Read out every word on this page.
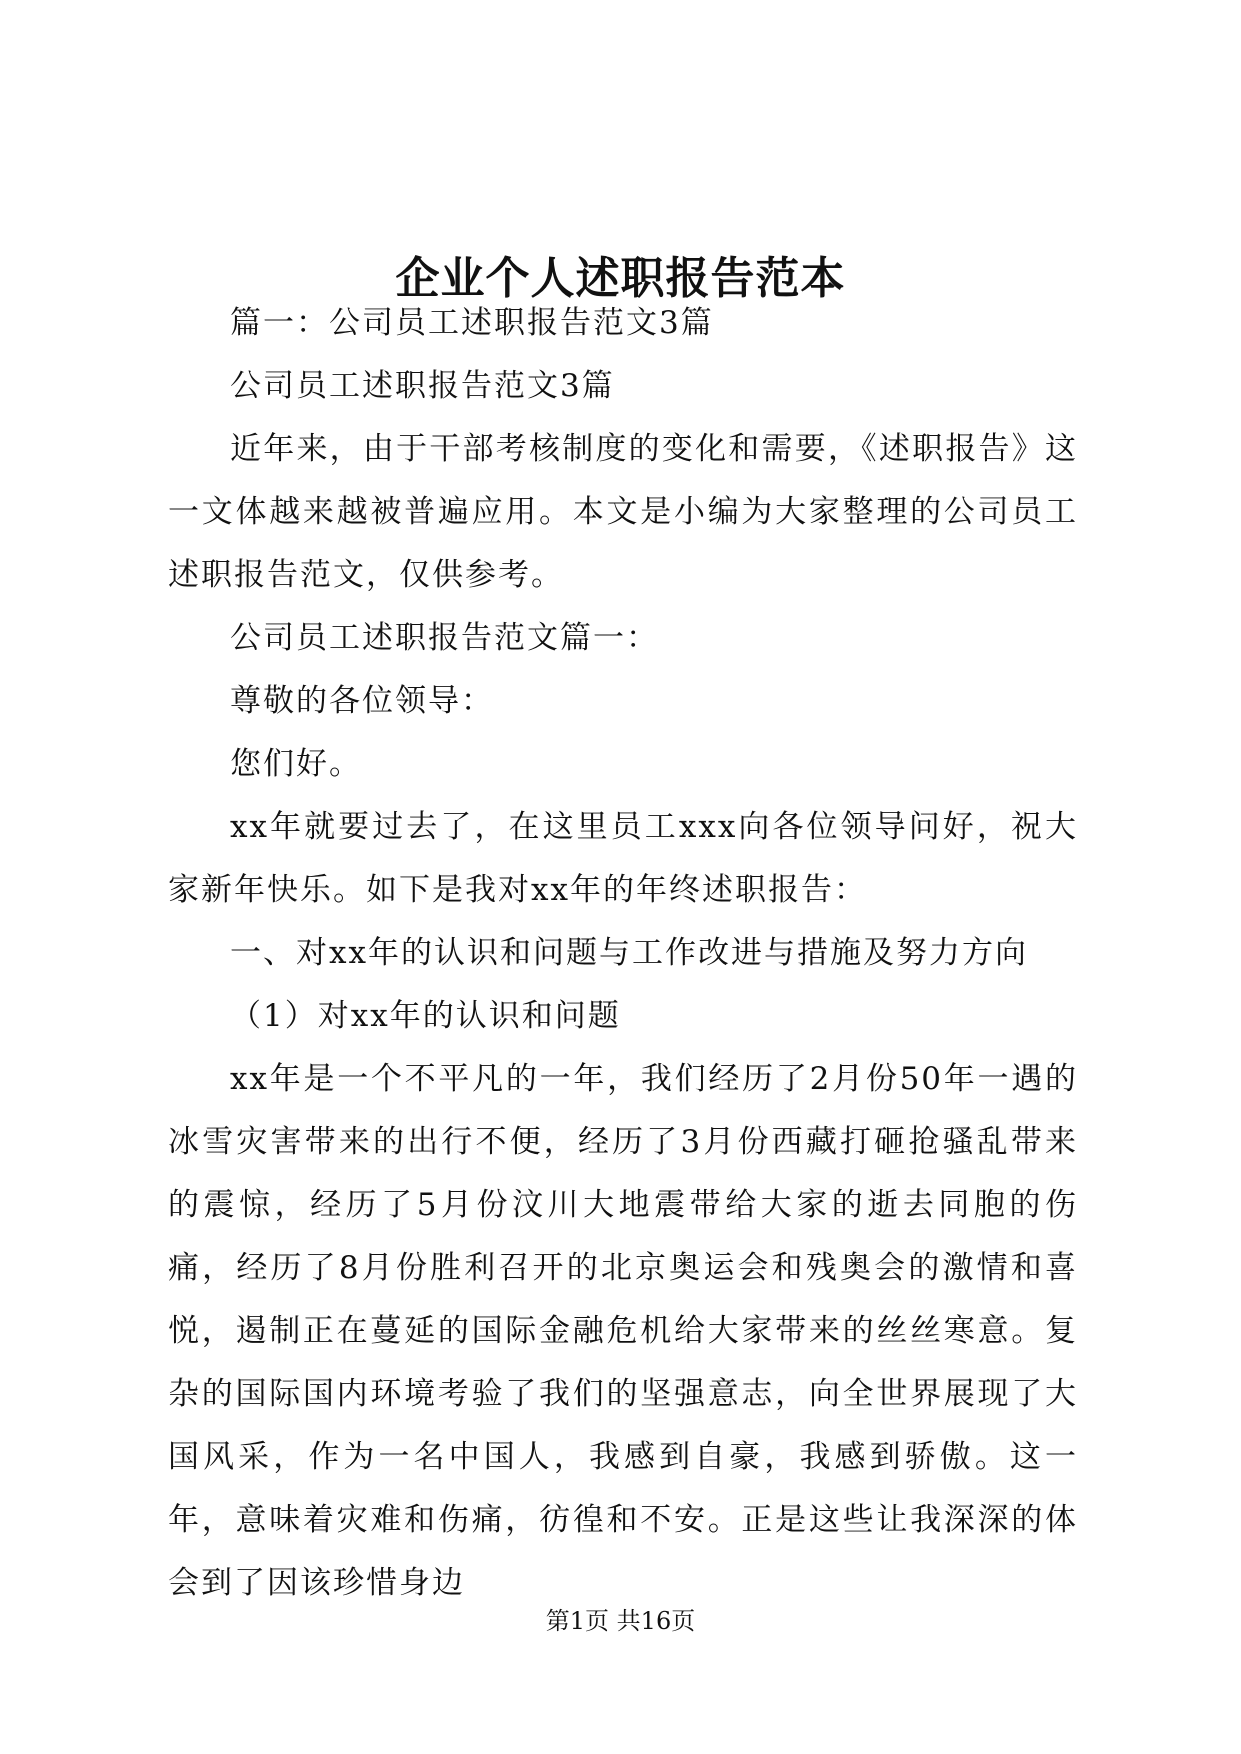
企业个人述职报告范本

篇一：公司员工述职报告范文3篇

公司员工述职报告范文3篇

近年来，由于干部考核制度的变化和需要，《述职报告》这一文体越来越被普遍应用。本文是小编为大家整理的公司员工述职报告范文，仅供参考。

公司员工述职报告范文篇一：

尊敬的各位领导：

您们好。

xx年就要过去了，在这里员工xxx向各位领导问好，祝大家新年快乐。如下是我对xx年的年终述职报告：

一、对xx年的认识和问题与工作改进与措施及努力方向

（1）对xx年的认识和问题

xx年是一个不平凡的一年，我们经历了2月份50年一遇的冰雪灾害带来的出行不便，经历了3月份西藏打砸抢骚乱带来的震惊，经历了5月份汶川大地震带给大家的逝去同胞的伤痛，经历了8月份胜利召开的北京奥运会和残奥会的激情和喜悦，遏制正在蔓延的国际金融危机给大家带来的丝丝寒意。复杂的国际国内环境考验了我们的坚强意志，向全世界展现了大国风采，作为一名中国人，我感到自豪，我感到骄傲。这一年，意味着灾难和伤痛，彷徨和不安。正是这些让我深深的体会到了因该珍惜身边

第1页 共16页
